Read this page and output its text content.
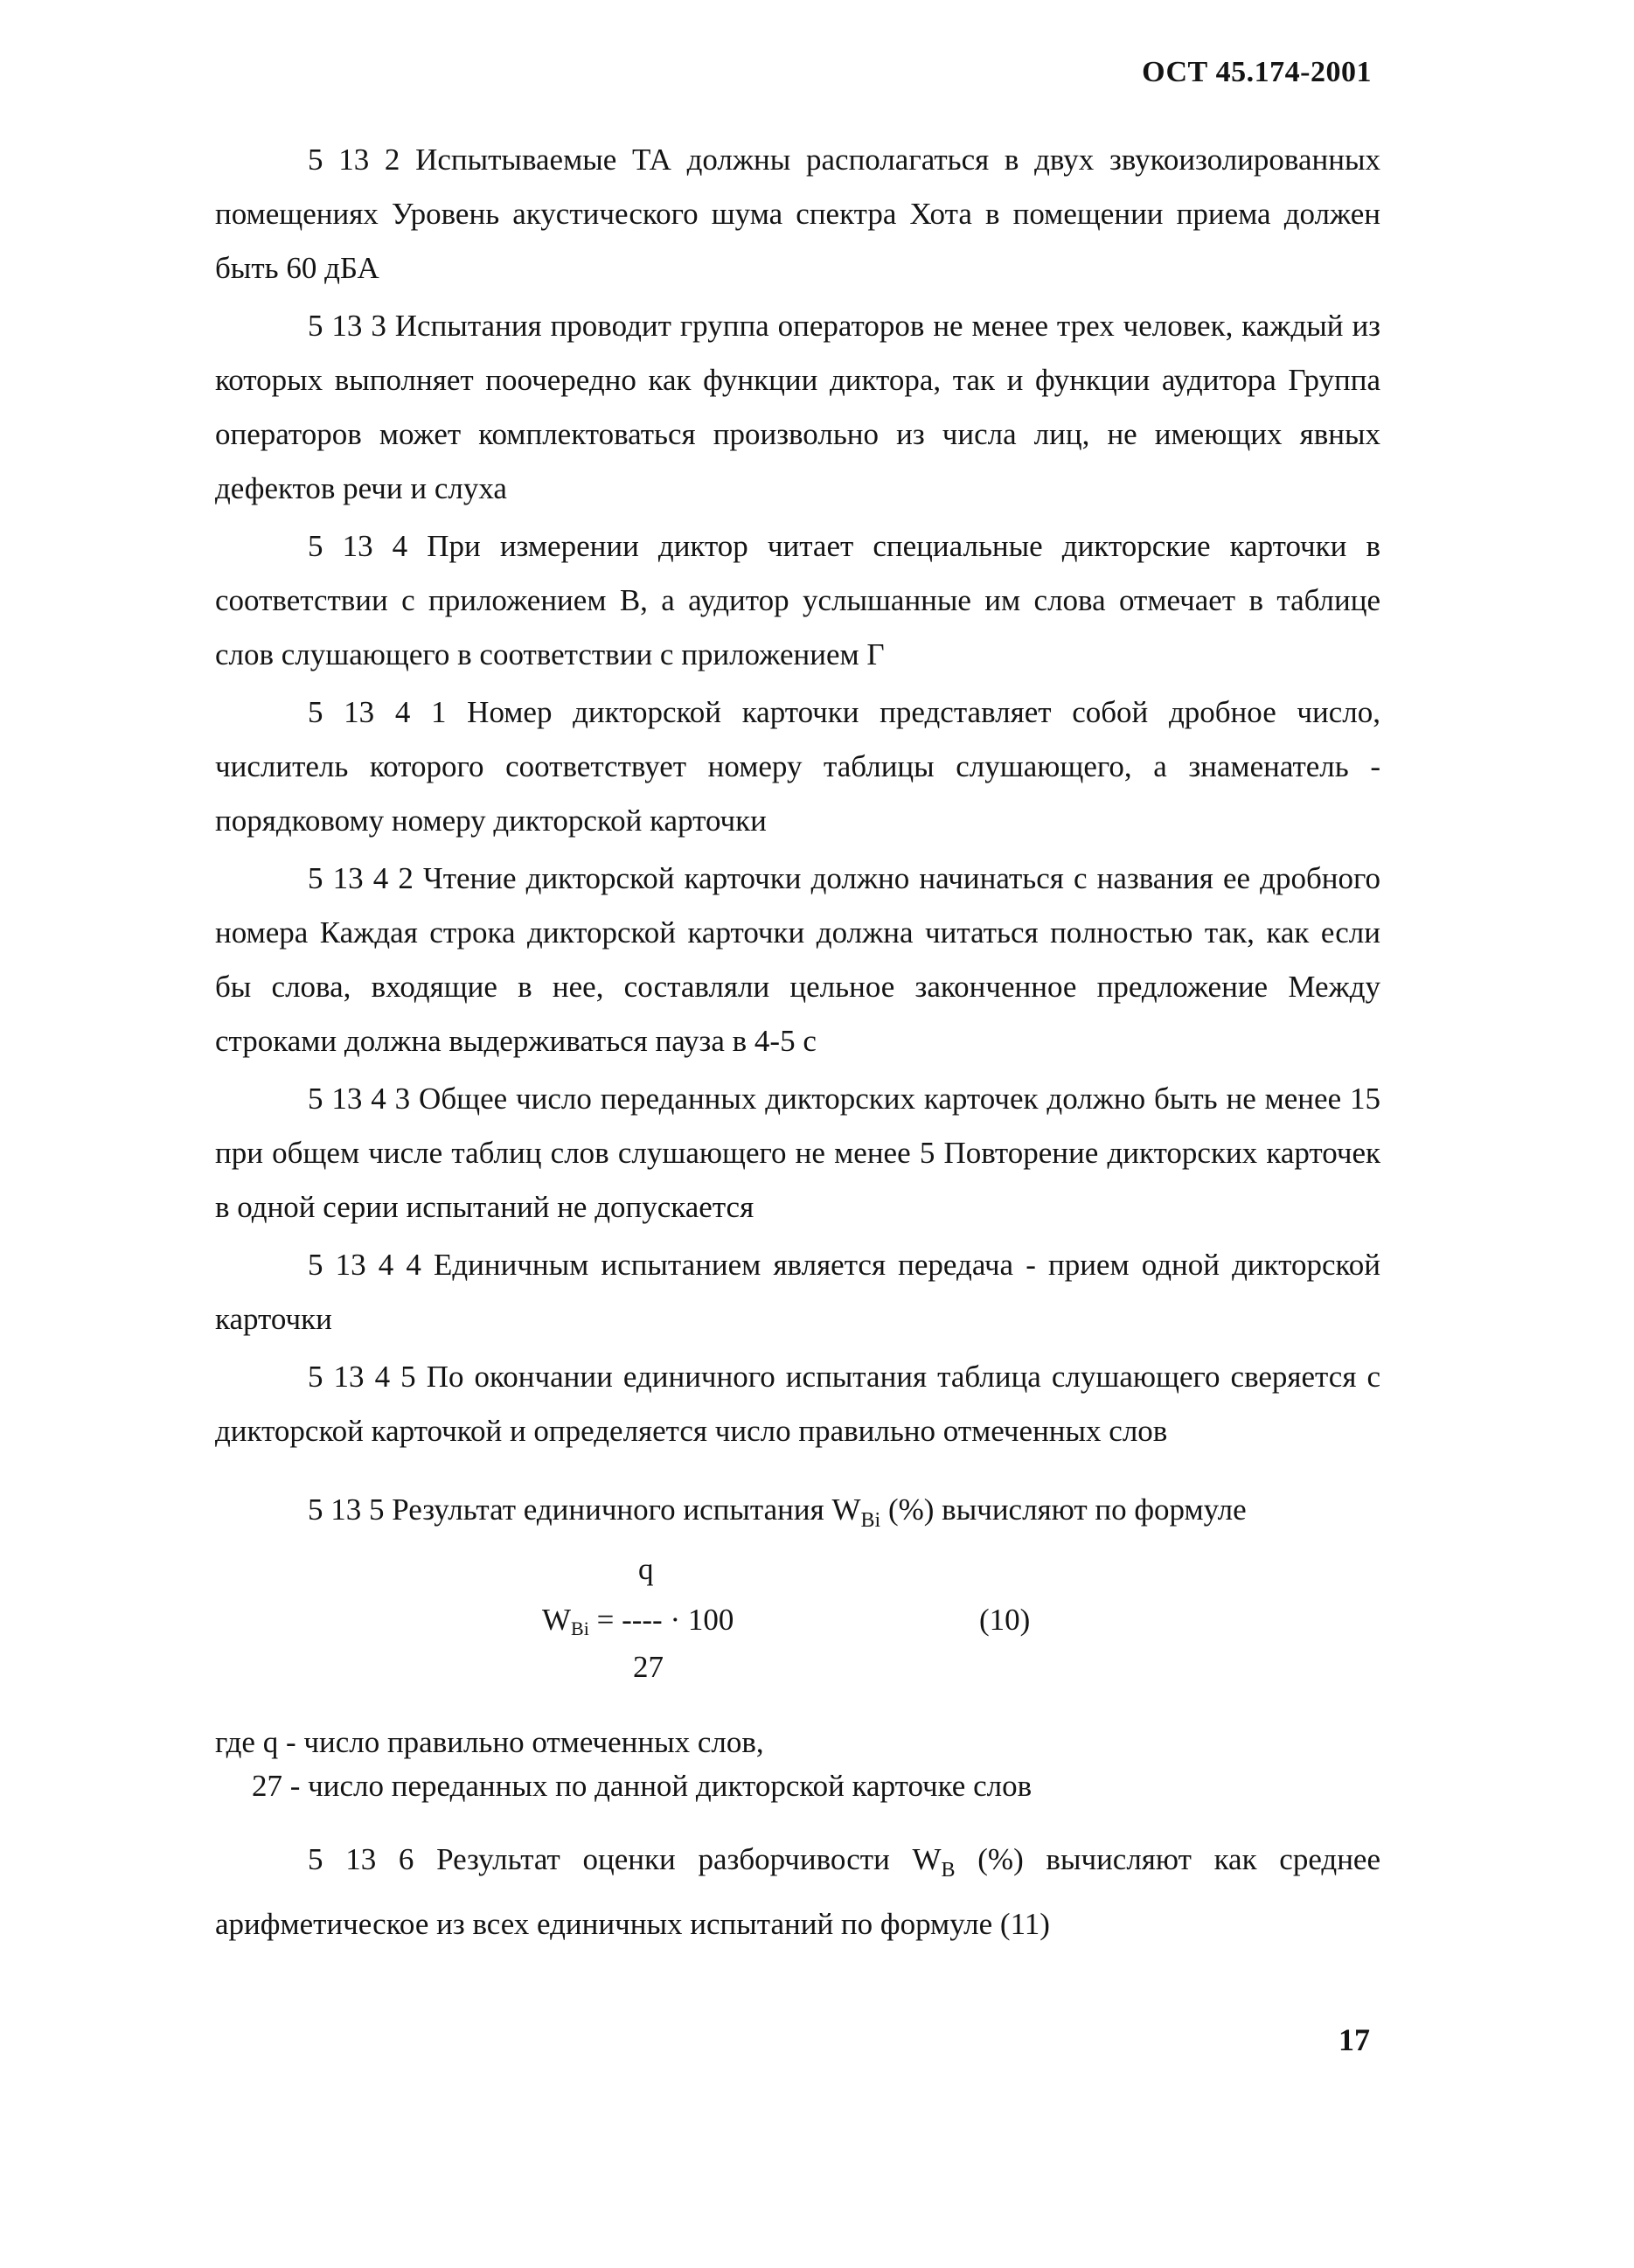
ОСТ 45.174-2001

5 13 2 Испытываемые ТА должны располагаться в двух звукоизолированных помещениях Уровень акустического шума спектра Хота в помещении приема должен быть 60 дБА

5 13 3 Испытания проводит группа операторов не менее трех человек, каждый из которых выполняет поочередно как функции диктора, так и функции аудитора Группа операторов может комплектоваться произвольно из числа лиц, не имеющих явных дефектов речи и слуха

5 13 4 При измерении диктор читает специальные дикторские карточки в соответствии с приложением В, а аудитор услышанные им слова отмечает в таблице слов слушающего в соответствии с приложением Г

5 13 4 1 Номер дикторской карточки представляет собой дробное число, числитель которого соответствует номеру таблицы слушающего, а знаменатель - порядковому номеру дикторской карточки

5 13 4 2 Чтение дикторской карточки должно начинаться с названия ее дробного номера Каждая строка дикторской карточки должна читаться полностью так, как если бы слова, входящие в нее, составляли цельное законченное предложение Между строками должна выдерживаться пауза в 4-5 с

5 13 4 3 Общее число переданных дикторских карточек должно быть не менее 15 при общем числе таблиц слов слушающего не менее 5 Повторение дикторских карточек в одной серии испытаний не допускается

5 13 4 4 Единичным испытанием является передача - прием одной дикторской карточки

5 13 4 5 По окончании единичного испытания таблица слушающего сверяется с дикторской карточкой и определяется число правильно отмеченных слов

5 13 5 Результат единичного испытания $W_{Bi}$ (%) вычисляют по формуле

q
$W_{Bi}$ = ---- · 100
27
(10)
где q - число правильно отмеченных слов,
27 - число переданных по данной дикторской карточке слов

5 13 6 Результат оценки разборчивости $W_B$ (%) вычисляют как среднее арифметическое из всех единичных испытаний по формуле (11)

17
